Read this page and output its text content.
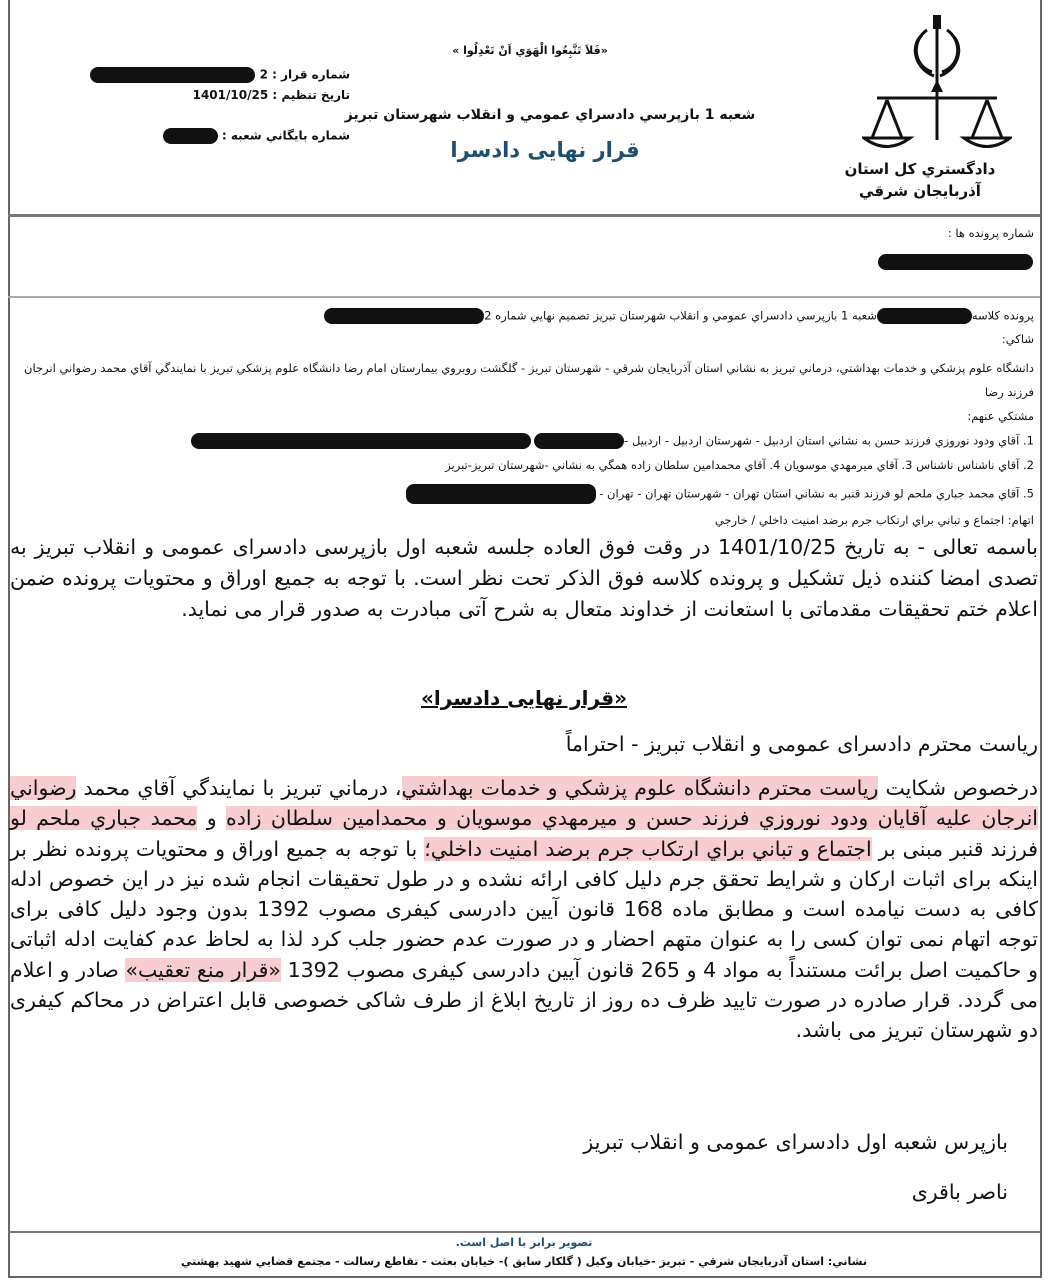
دادگستري کل استان آذربايجان شرقي
«فَلاَ تَتَّبِعُوا الْهَوَي اَنْ تَعْدِلُوا »
شعبه 1 بازپرسي دادسراي عمومي و انقلاب شهرستان تبريز
قرار نهایی دادسرا
شماره قرار : 2
تاريخ تنظيم : 1401/10/25
شماره بايگاني شعبه :
شماره پرونده ها :
پرونده کلاسهشعبه 1 بازپرسي دادسراي عمومي و انقلاب شهرستان تبريز تصميم نهايي شماره 2
شاکي:
دانشگاه علوم پزشکي و خدمات بهداشتي، درماني تبريز به نشاني استان آذربايجان شرقي - شهرستان تبريز - گلگشت روبروي بيمارستان امام رضا دانشگاه علوم پزشکي تبريز با نمايندگي آقاي محمد رضواني انرجان فرزند رضا
مشتکي عنهم:
1. آقاي ودود نوروزي فرزند حسن به نشاني استان اردبيل - شهرستان اردبيل - اردبيل -
2. آقاي ناشناس ناشناس 3. آقاي ميرمهدي موسويان 4. آقاي محمدامين سلطان زاده همگي به نشاني -شهرستان تبريز-تبريز
5. آقاي محمد جباري ملحم لو فرزند قنبر به نشاني استان تهران - شهرستان تهران - تهران -
اتهام: اجتماع و تباني براي ارتکاب جرم برضد امنيت داخلي / خارجي
باسمه تعالی - به تاریخ 1401/10/25 در وقت فوق العاده جلسه شعبه اول بازپرسی دادسرای عمومی و انقلاب تبریز به تصدی امضا کننده ذیل تشکیل و پرونده کلاسه فوق الذکر تحت نظر است. با توجه به جمیع اوراق و محتویات پرونده ضمن اعلام ختم تحقیقات مقدماتی با استعانت از خداوند متعال به شرح آتی مبادرت به صدور قرار می نماید.
«قرار نهایی دادسرا»
ریاست محترم دادسرای عمومی و انقلاب تبریز - احتراماً
درخصوص شکایت رياست محترم دانشگاه علوم پزشکي و خدمات بهداشتي، درماني تبريز با نمايندگي آقاي محمد رضواني انرجان عليه آقايان ودود نوروزي فرزند حسن و ميرمهدي موسويان و محمدامين سلطان زاده و محمد جباري ملحم لو فرزند قنبر مبنی بر اجتماع و تباني براي ارتكاب جرم برضد امنيت داخلي؛ با توجه به جمیع اوراق و محتویات پرونده نظر بر اینکه برای اثبات ارکان و شرایط تحقق جرم دلیل کافی ارائه نشده و در طول تحقیقات انجام شده نیز در این خصوص ادله کافی به دست نیامده است و مطابق ماده 168 قانون آیین دادرسی کیفری مصوب 1392 بدون وجود دلیل کافی برای توجه اتهام نمی توان کسی را به عنوان متهم احضار و در صورت عدم حضور جلب کرد لذا به لحاظ عدم کفایت ادله اثباتی و حاکمیت اصل برائت مستنداً به مواد 4 و 265 قانون آیین دادرسی کیفری مصوب 1392 «قرار منع تعقیب» صادر و اعلام می گردد. قرار صادره در صورت تایید ظرف ده روز از تاریخ ابلاغ از طرف شاکی خصوصی قابل اعتراض در محاکم کیفری دو شهرستان تبریز می باشد.
بازپرس شعبه اول دادسرای عمومی و انقلاب تبریز
ناصر باقری
تصوير برابر با اصل است.
نشاني: استان آذربايجان شرقي - تبريز -خيابان وکيل ( گلکار سابق )- خيابان بعثت - تقاطع رسالت - مجتمع قضايي شهيد بهشتي
